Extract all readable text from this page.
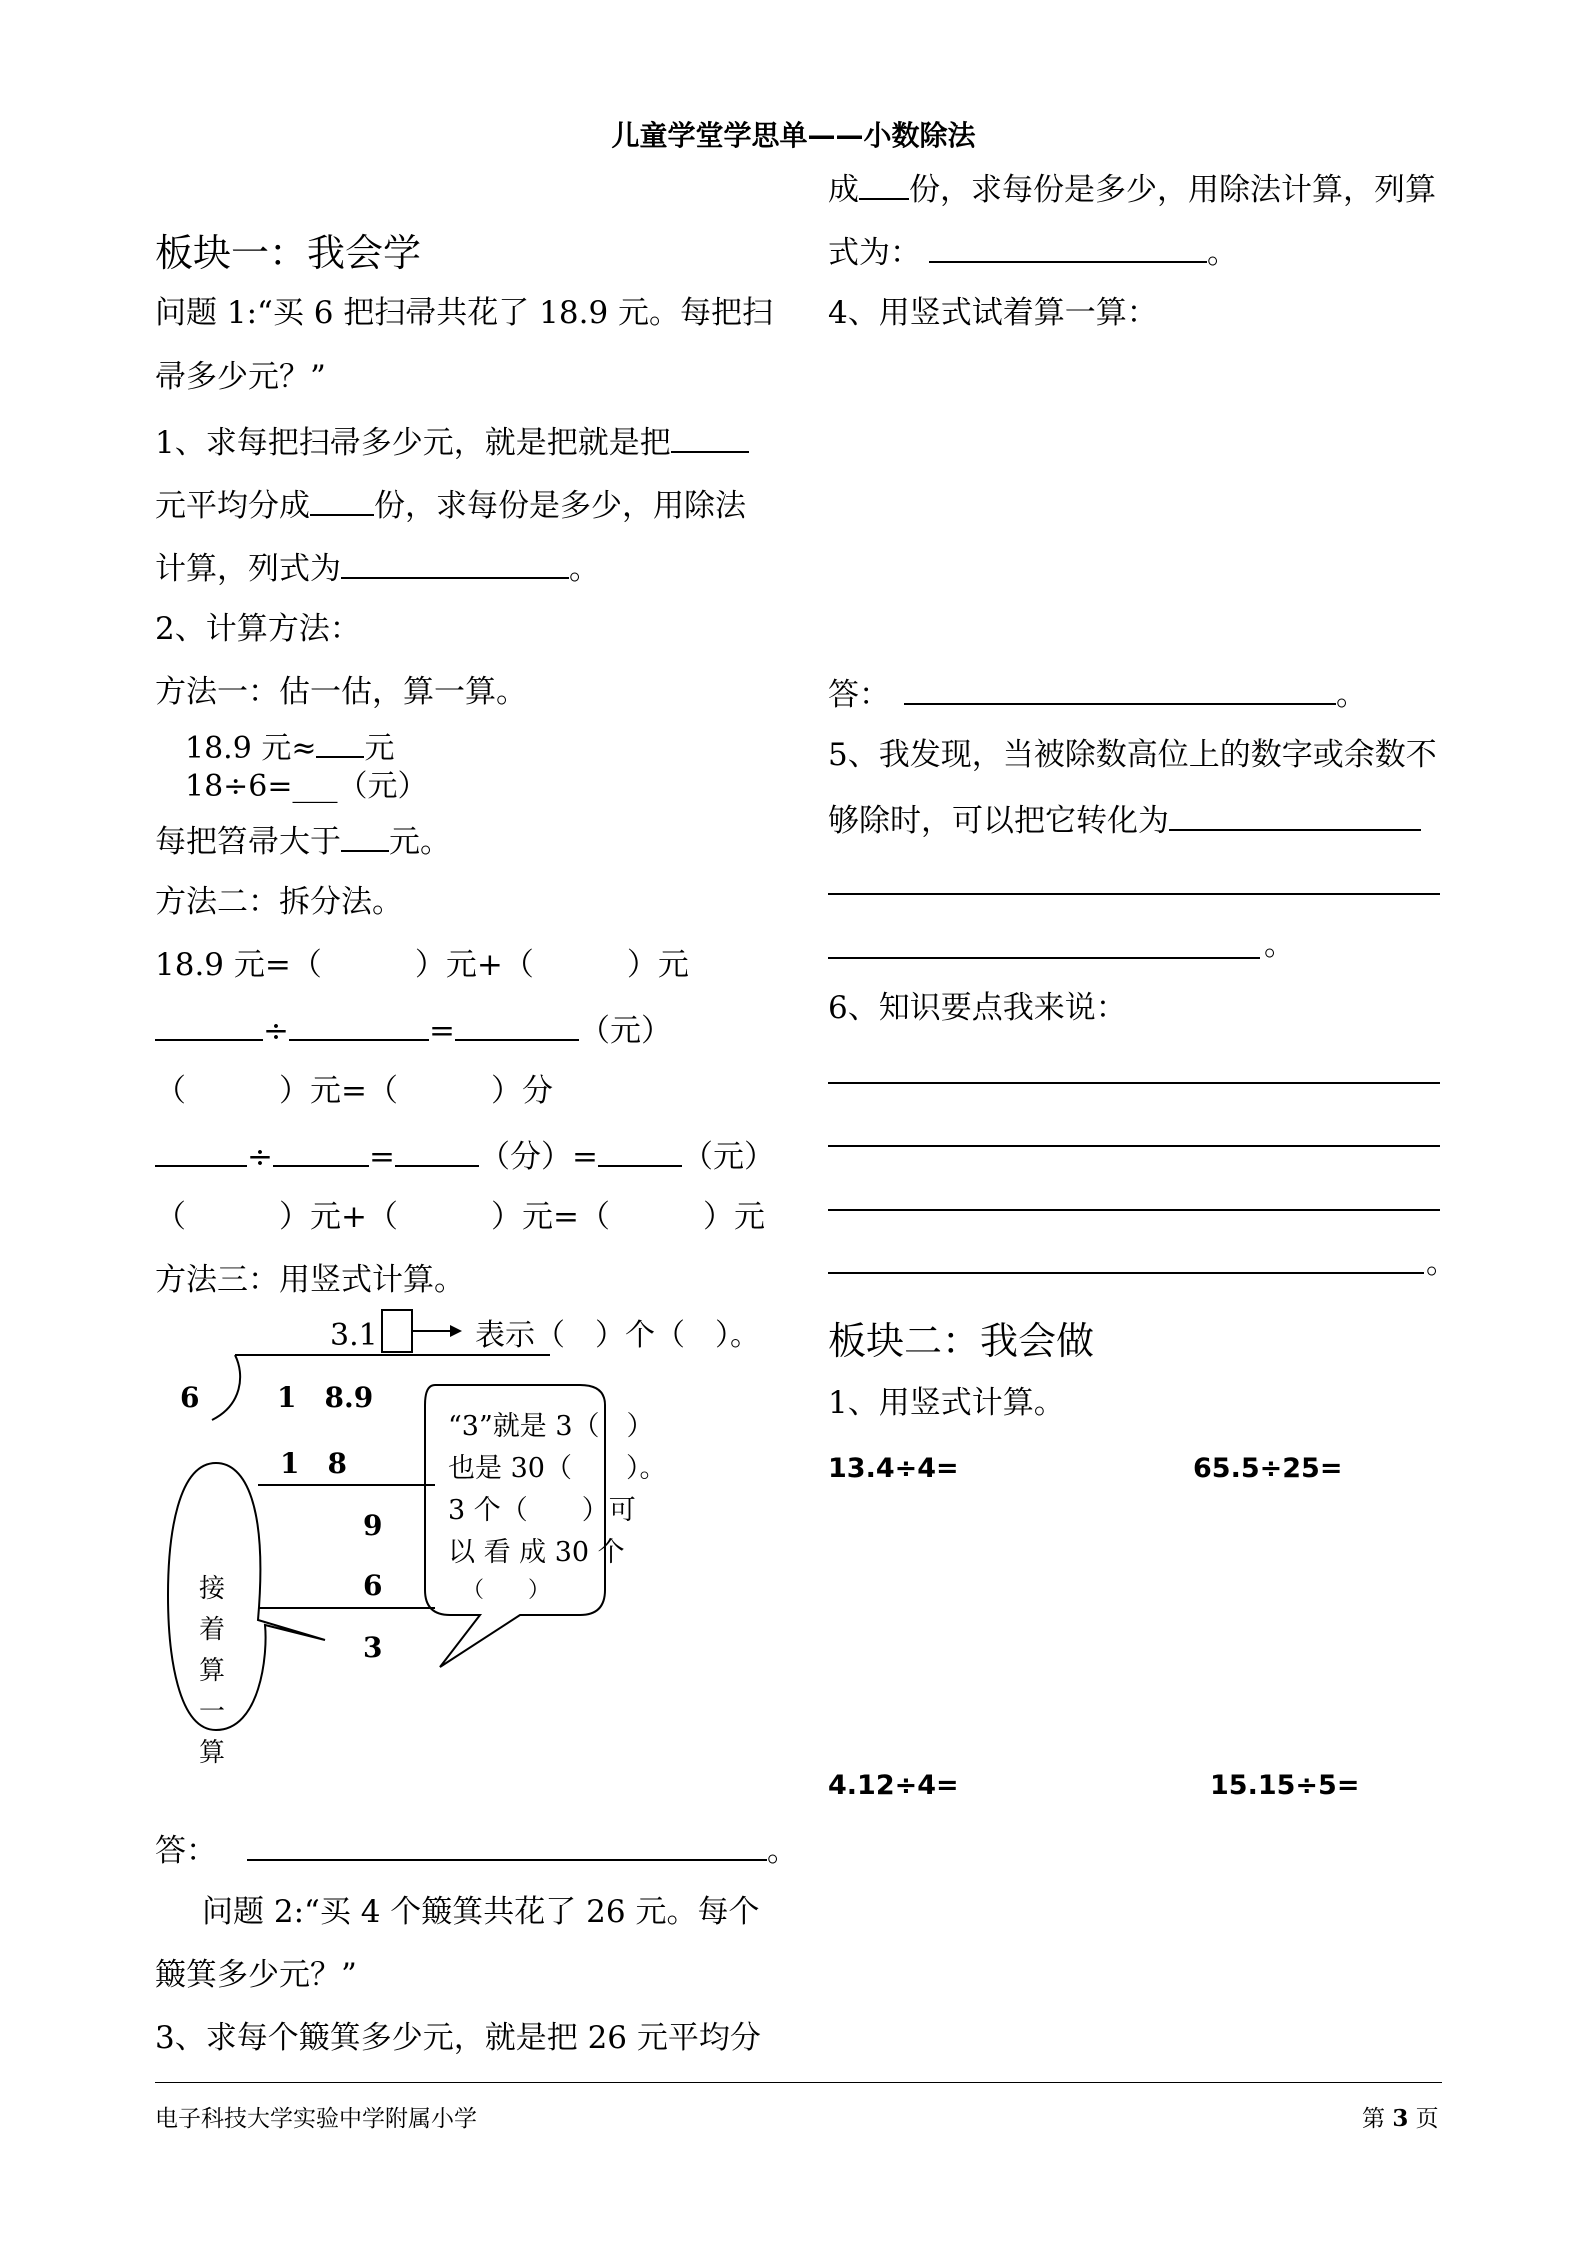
儿童学堂学思单——小数除法
板块一：我会学
问题 1:“买 6 把扫帚共花了 18.9 元。每把扫
帚多少元？”
1、求每把扫帚多少元，就是把就是把
元平均分成 份，求每份是多少，用除法
计算，列式为	。
2、计算方法：
方法一：估一估，算一算。
18.9 元≈ 元
18÷6=___（元）
每把笤帚大于 元。
方法二：拆分法。
18.9 元=（　　　）元+（　　　）元
÷	=	（元）
（　　　）元=（　　　）分
÷	=	（分）=	（元）
（　　　）元+（　　　）元=（　　　）元
方法三：用竖式计算。
3.1	表示（　）个（　）。
6	1　8.9
1　8
9
6
3
“3”就是 3（　）
也是 30（　　）。
3 个（　　）可
以 看 成 30 个
（　　）
接
着
算
一
算
答：	。
问题 2:“买 4 个簸箕共花了 26 元。每个
簸箕多少元？”
3、求每个簸箕多少元，就是把 26 元平均分
成 份，求每份是多少，用除法计算，列算
式为：	。
4、用竖式试着算一算：
答：	。
5、我发现，当被除数高位上的数字或余数不
够除时，可以把它转化为
。
6、知识要点我来说：
。
板块二：我会做
1、用竖式计算。
13.4÷4=	65.5÷25=
4.12÷4=	15.15÷5=
电子科技大学实验中学附属小学	第 3 页
